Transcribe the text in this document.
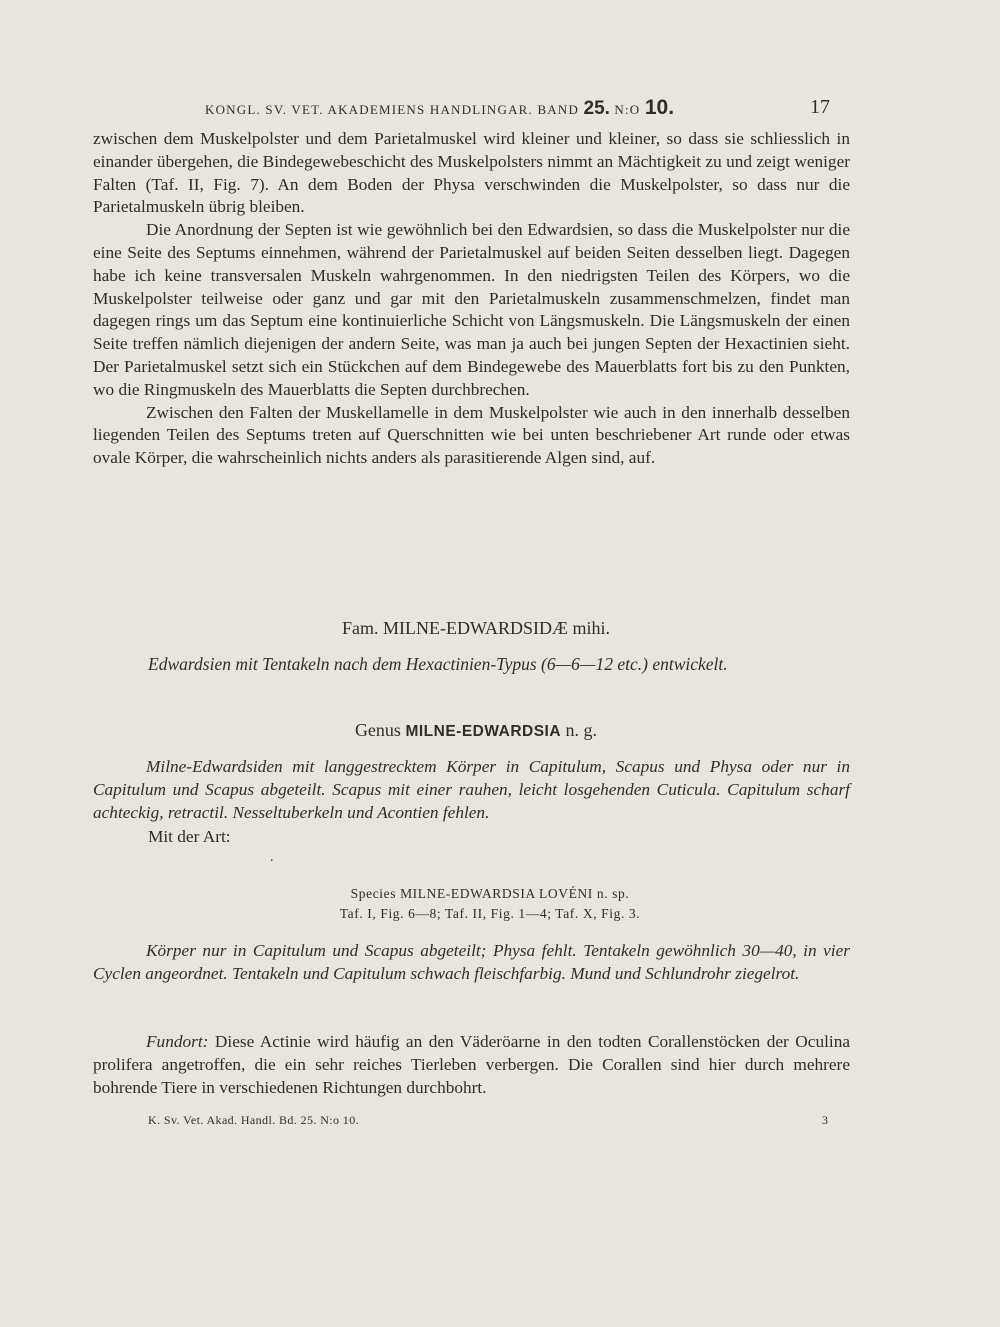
KONGL. SV. VET. AKADEMIENS HANDLINGAR. BAND 25. N:O 10.	17

zwischen dem Muskelpolster und dem Parietalmuskel wird kleiner und kleiner, so dass sie schliesslich in einander übergehen, die Bindegewebeschicht des Muskelpolsters nimmt an Mächtigkeit zu und zeigt weniger Falten (Taf. II, Fig. 7). An dem Boden der Physa verschwinden die Muskelpolster, so dass nur die Parietalmuskeln übrig bleiben.

Die Anordnung der Septen ist wie gewöhnlich bei den Edwardsien, so dass die Muskelpolster nur die eine Seite des Septums einnehmen, während der Parietalmuskel auf beiden Seiten desselben liegt. Dagegen habe ich keine transversalen Muskeln wahrgenommen. In den niedrigsten Teilen des Körpers, wo die Muskelpolster teilweise oder ganz und gar mit den Parietalmuskeln zusammenschmelzen, findet man dagegen rings um das Septum eine kontinuierliche Schicht von Längsmuskeln. Die Längsmuskeln der einen Seite treffen nämlich diejenigen der andern Seite, was man ja auch bei jungen Septen der Hexactinien sieht. Der Parietalmuskel setzt sich ein Stückchen auf dem Bindegewebe des Mauerblatts fort bis zu den Punkten, wo die Ringmuskeln des Mauerblatts die Septen durchbrechen.

Zwischen den Falten der Muskellamelle in dem Muskelpolster wie auch in den innerhalb desselben liegenden Teilen des Septums treten auf Querschnitten wie bei unten beschriebener Art runde oder etwas ovale Körper, die wahrscheinlich nichts anders als parasitierende Algen sind, auf.

Fam. MILNE-EDWARDSIDÆ mihi.
Edwardsien mit Tentakeln nach dem Hexactinien-Typus (6—6—12 etc.) entwickelt.
Genus MILNE-EDWARDSIA n. g.

Milne-Edwardsiden mit langgestrecktem Körper in Capitulum, Scapus und Physa oder nur in Capitulum und Scapus abgeteilt. Scapus mit einer rauhen, leicht losgehenden Cuticula. Capitulum scharf achteckig, retractil. Nesseltuberkeln und Acontien fehlen.

Mit der Art:
.
Species MILNE-EDWARDSIA LOVÉNI n. sp.
Taf. I, Fig. 6—8; Taf. II, Fig. 1—4; Taf. X, Fig. 3.

Körper nur in Capitulum und Scapus abgeteilt; Physa fehlt. Tentakeln gewöhnlich 30—40, in vier Cyclen angeordnet. Tentakeln und Capitulum schwach fleischfarbig. Mund und Schlundrohr ziegelrot.

Fundort: Diese Actinie wird häufig an den Väderöarne in den todten Corallenstöcken der Oculina prolifera angetroffen, die ein sehr reiches Tierleben verbergen. Die Corallen sind hier durch mehrere bohrende Tiere in verschiedenen Richtungen durchbohrt.

K. Sv. Vet. Akad. Handl. Bd. 25. N:o 10.	3
